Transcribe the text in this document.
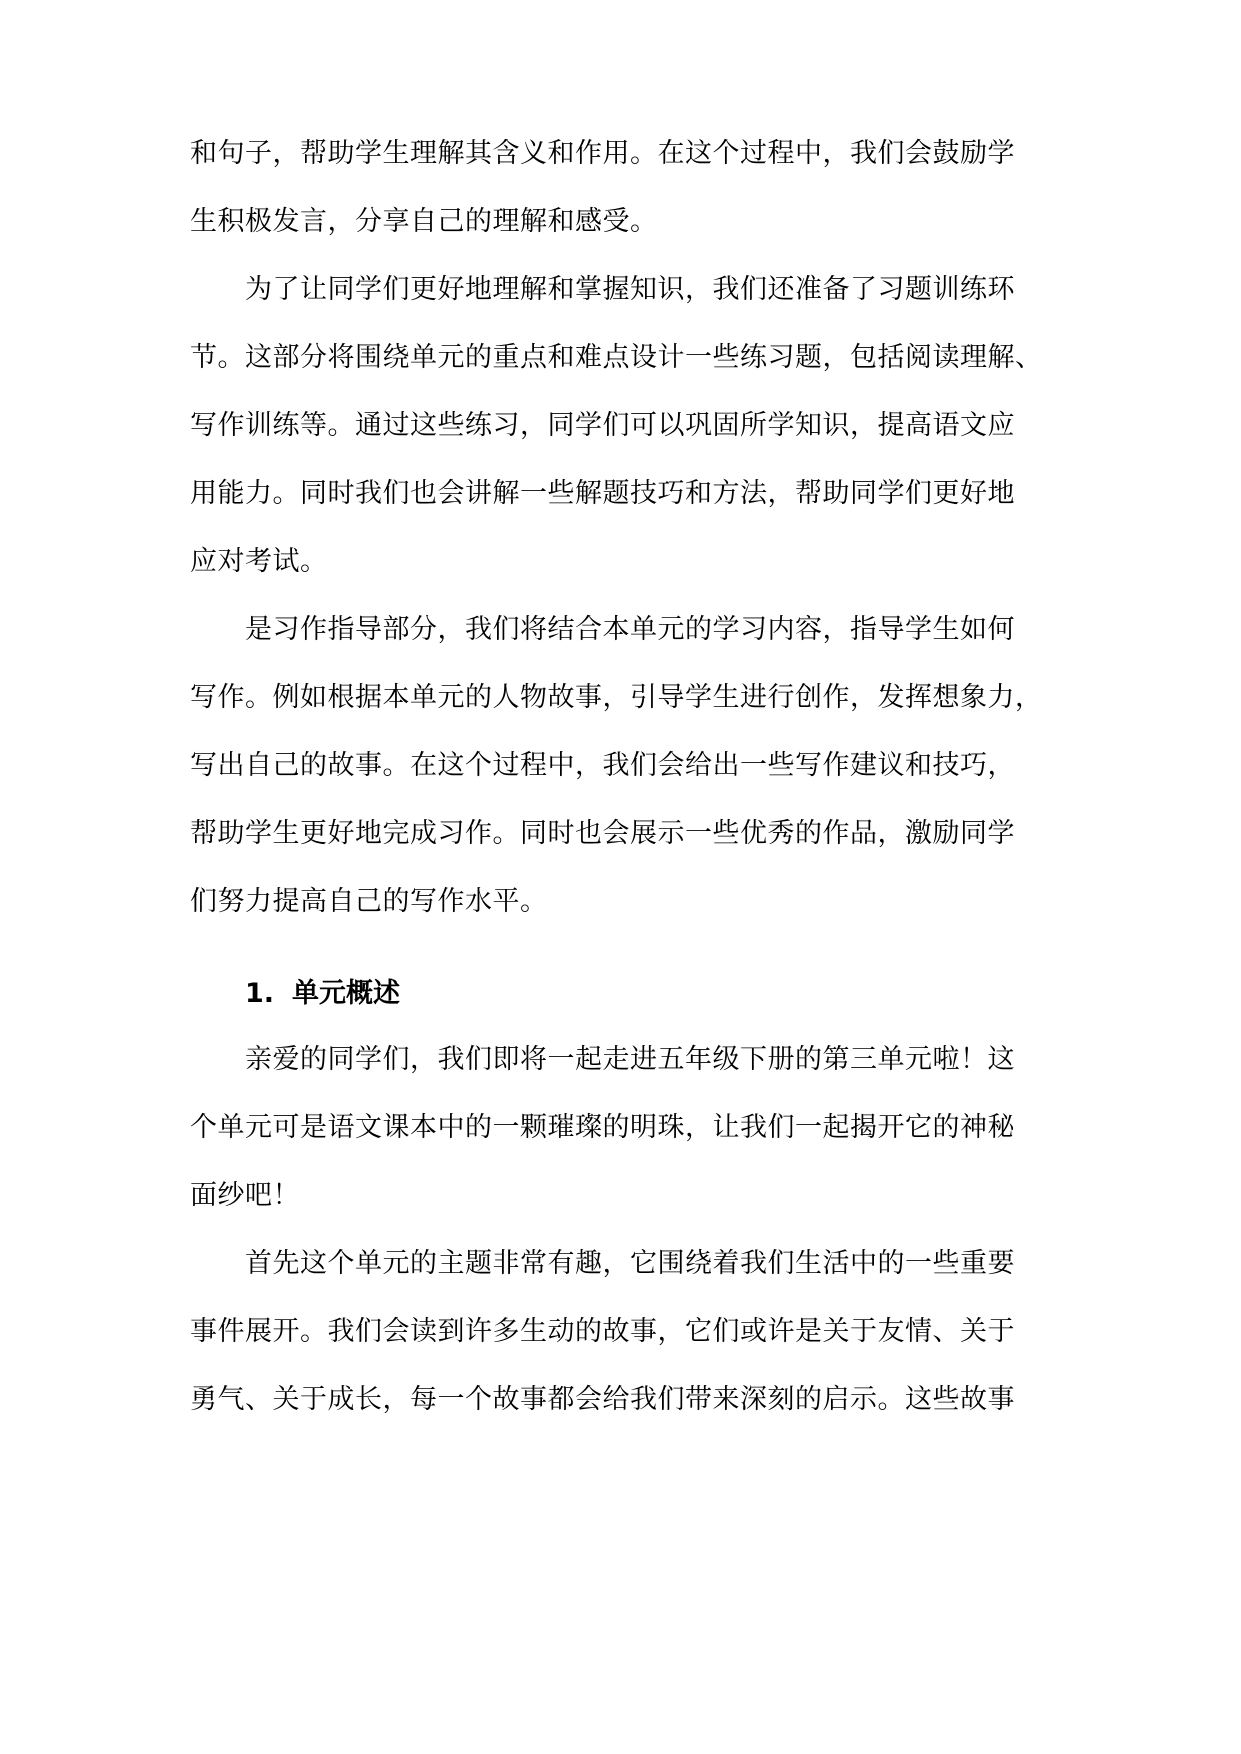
和句子，帮助学生理解其含义和作用。在这个过程中，我们会鼓励学
生积极发言，分享自己的理解和感受。
为了让同学们更好地理解和掌握知识，我们还准备了习题训练环
节。这部分将围绕单元的重点和难点设计一些练习题，包括阅读理解、
写作训练等。通过这些练习，同学们可以巩固所学知识，提高语文应
用能力。同时我们也会讲解一些解题技巧和方法，帮助同学们更好地
应对考试。
是习作指导部分，我们将结合本单元的学习内容，指导学生如何
写作。例如根据本单元的人物故事，引导学生进行创作，发挥想象力，
写出自己的故事。在这个过程中，我们会给出一些写作建议和技巧，
帮助学生更好地完成习作。同时也会展示一些优秀的作品，激励同学
们努力提高自己的写作水平。
1. 单元概述
亲爱的同学们，我们即将一起走进五年级下册的第三单元啦！这
个单元可是语文课本中的一颗璀璨的明珠，让我们一起揭开它的神秘
面纱吧！
首先这个单元的主题非常有趣，它围绕着我们生活中的一些重要
事件展开。我们会读到许多生动的故事，它们或许是关于友情、关于
勇气、关于成长，每一个故事都会给我们带来深刻的启示。这些故事
